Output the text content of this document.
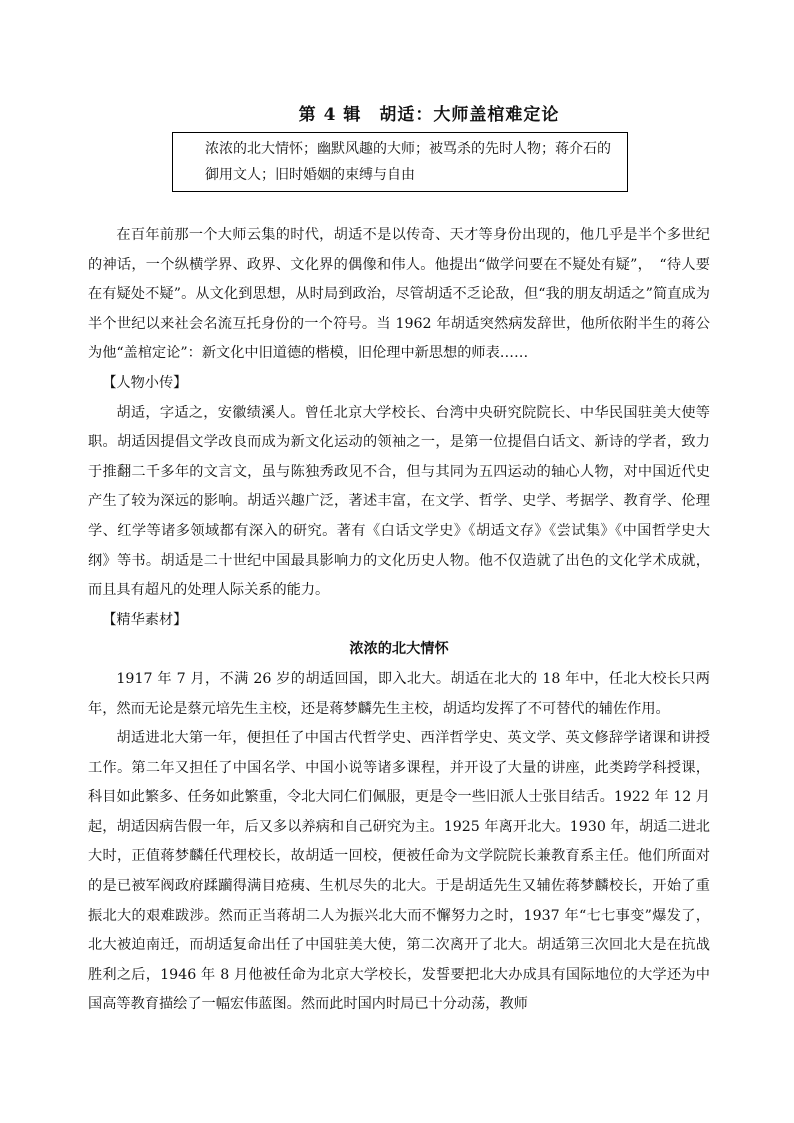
第 4 辑　胡适：大师盖棺难定论
浓浓的北大情怀；幽默风趣的大师；被骂杀的先时人物；蒋介石的御用文人；旧时婚姻的束缚与自由

在百年前那一个大师云集的时代，胡适不是以传奇、天才等身份出现的，他几乎是半个多世纪的神话，一个纵横学界、政界、文化界的偶像和伟人。他提出“做学问要在不疑处有疑”，　“待人要在有疑处不疑”。从文化到思想，从时局到政治，尽管胡适不乏论敌，但“我的朋友胡适之”简直成为半个世纪以来社会名流互托身份的一个符号。当 1962 年胡适突然病发辞世，他所依附半生的蒋公为他“盖棺定论”：新文化中旧道德的楷模，旧伦理中新思想的师表……

【人物小传】

胡适，字适之，安徽绩溪人。曾任北京大学校长、台湾中央研究院院长、中华民国驻美大使等职。胡适因提倡文学改良而成为新文化运动的领袖之一，是第一位提倡白话文、新诗的学者，致力于推翻二千多年的文言文，虽与陈独秀政见不合，但与其同为五四运动的轴心人物，对中国近代史产生了较为深远的影响。胡适兴趣广泛，著述丰富，在文学、哲学、史学、考据学、教育学、伦理学、红学等诸多领域都有深入的研究。著有《白话文学史》《胡适文存》《尝试集》《中国哲学史大纲》等书。胡适是二十世纪中国最具影响力的文化历史人物。他不仅造就了出色的文化学术成就，而且具有超凡的处理人际关系的能力。

【精华素材】

浓浓的北大情怀

1917 年 7 月，不满 26 岁的胡适回国，即入北大。胡适在北大的 18 年中，任北大校长只两年，然而无论是蔡元培先生主校，还是蒋梦麟先生主校，胡适均发挥了不可替代的辅佐作用。

胡适进北大第一年，便担任了中国古代哲学史、西洋哲学史、英文学、英文修辞学诸课和讲授工作。第二年又担任了中国名学、中国小说等诸多课程，并开设了大量的讲座，此类跨学科授课，科目如此繁多、任务如此繁重，令北大同仁们佩服，更是令一些旧派人士张目结舌。1922 年 12 月起，胡适因病告假一年，后又多以养病和自己研究为主。1925 年离开北大。1930 年，胡适二进北大时，正值蒋梦麟任代理校长，故胡适一回校，便被任命为文学院院长兼教育系主任。他们所面对的是已被军阀政府蹂躏得满目疮痍、生机尽失的北大。于是胡适先生又辅佐蒋梦麟校长，开始了重振北大的艰难跋涉。然而正当蒋胡二人为振兴北大而不懈努力之时，1937 年“七七事变”爆发了，北大被迫南迁，而胡适复命出任了中国驻美大使，第二次离开了北大。胡适第三次回北大是在抗战胜利之后，1946 年 8 月他被任命为北京大学校长，发誓要把北大办成具有国际地位的大学还为中国高等教育描绘了一幅宏伟蓝图。然而此时国内时局已十分动荡，教师
